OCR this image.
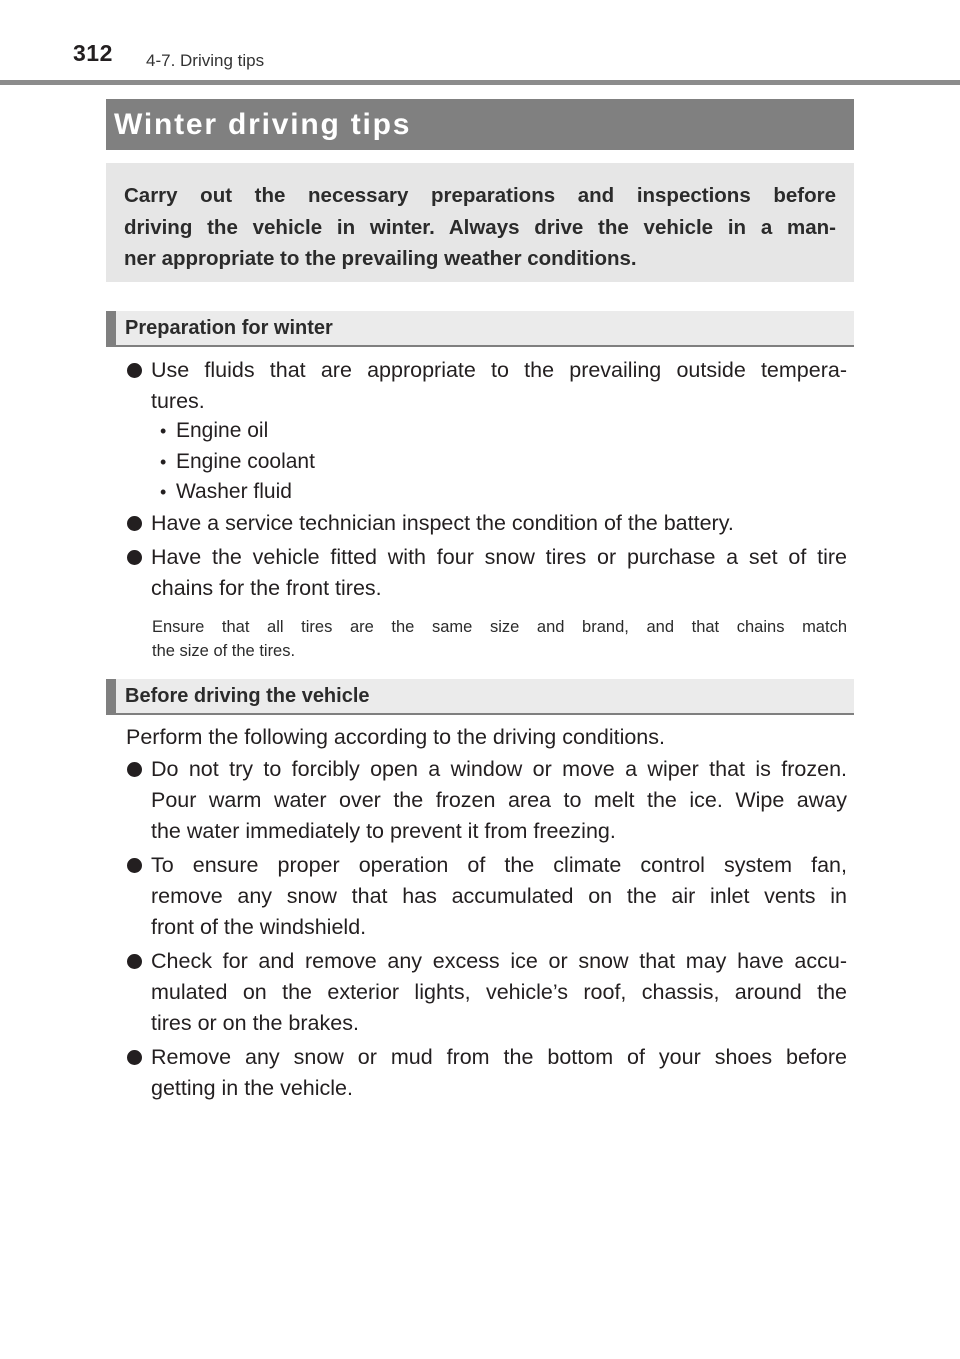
312 4-7. Driving tips
Winter driving tips
Carry out the necessary preparations and inspections before
driving the vehicle in winter. Always drive the vehicle in a man-
ner appropriate to the prevailing weather conditions.
Preparation for winter
Use fluids that are appropriate to the prevailing outside tempera-
tures.
• Engine oil
• Engine coolant
• Washer fluid
Have a service technician inspect the condition of the battery.
Have the vehicle fitted with four snow tires or purchase a set of tire
chains for the front tires.
Ensure that all tires are the same size and brand, and that chains match
the size of the tires.
Before driving the vehicle
Perform the following according to the driving conditions.
Do not try to forcibly open a window or move a wiper that is frozen.
Pour warm water over the frozen area to melt the ice. Wipe away
the water immediately to prevent it from freezing.
To ensure proper operation of the climate control system fan,
remove any snow that has accumulated on the air inlet vents in
front of the windshield.
Check for and remove any excess ice or snow that may have accu-
mulated on the exterior lights, vehicle’s roof, chassis, around the
tires or on the brakes.
Remove any snow or mud from the bottom of your shoes before
getting in the vehicle.
